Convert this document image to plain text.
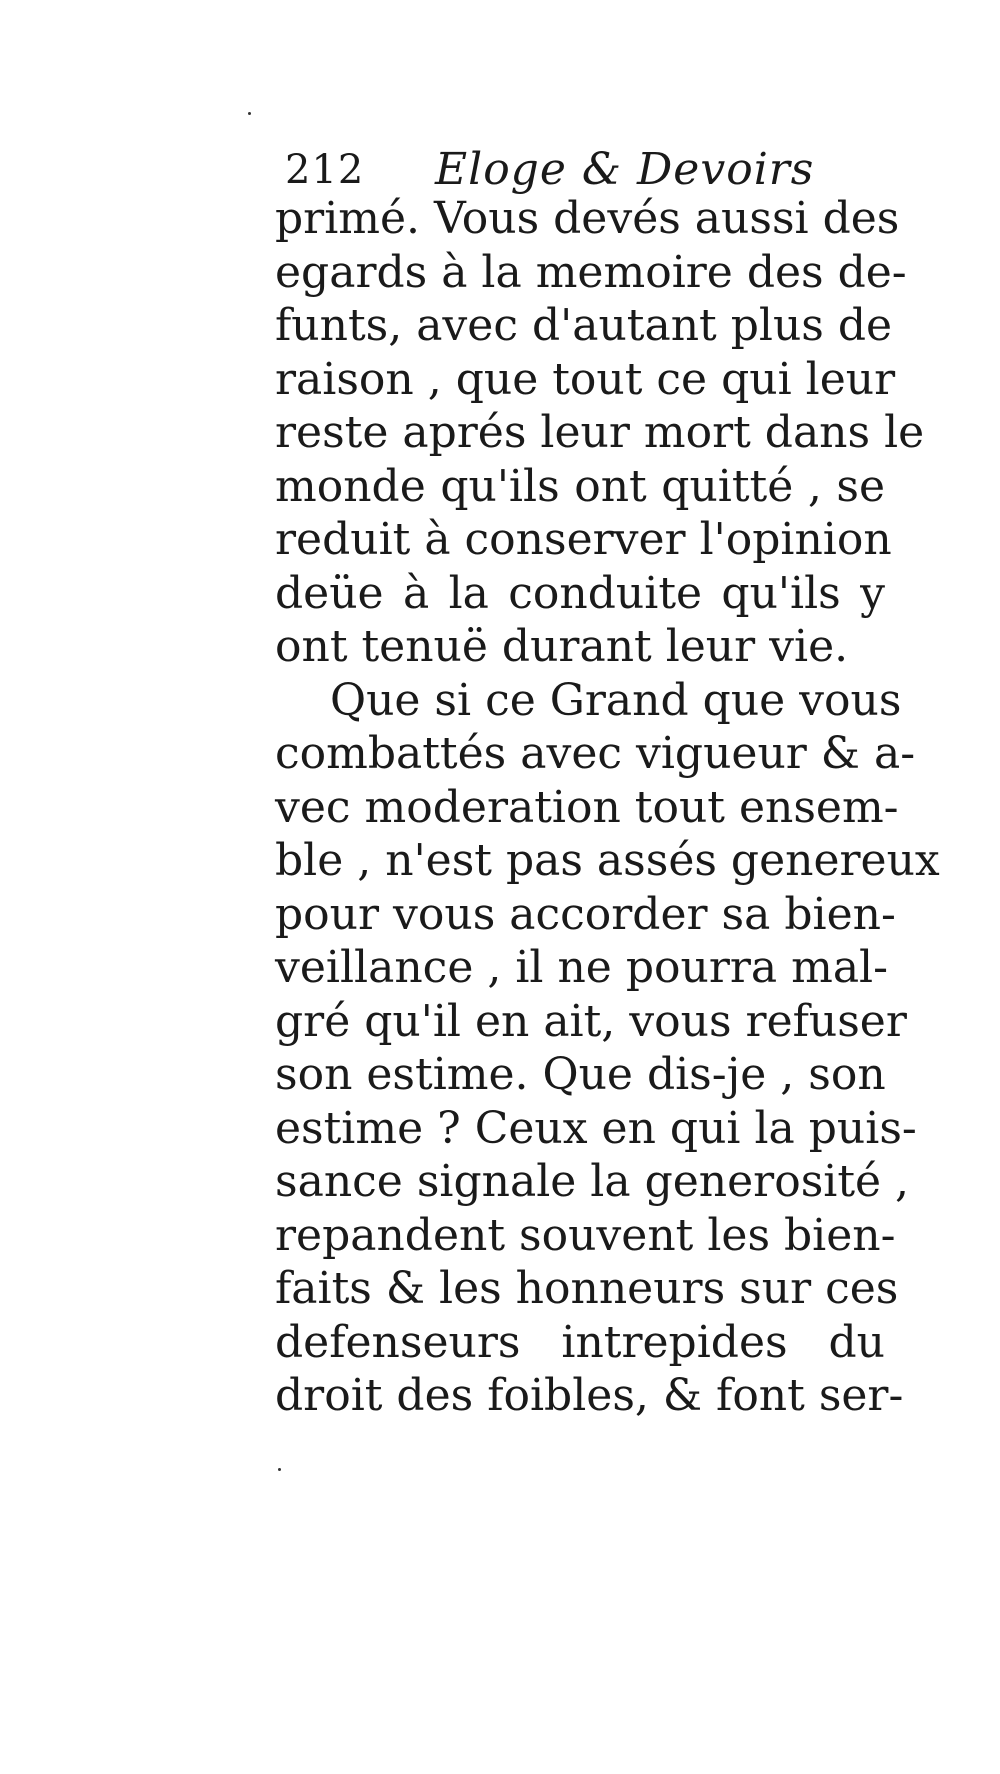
212 Eloge & Devoirs
primé. Vous devés aussi des
egards à la memoire des de-
funts, avec d'autant plus de
raison , que tout ce qui leur
reste aprés leur mort dans le
monde qu'ils ont quitté , se
reduit à conserver l'opinion
deüe à la conduite qu'ils y
ont tenuë durant leur vie.
Que si ce Grand que vous
combattés avec vigueur & a-
vec moderation tout ensem-
ble , n'est pas assés genereux
pour vous accorder sa bien-
veillance , il ne pourra mal-
gré qu'il en ait, vous refuser
son estime. Que dis-je , son
estime ? Ceux en qui la puis-
sance signale la generosité ,
repandent souvent les bien-
faits & les honneurs sur ces
defenseurs intrepides du
droit des foibles, & font ser-
